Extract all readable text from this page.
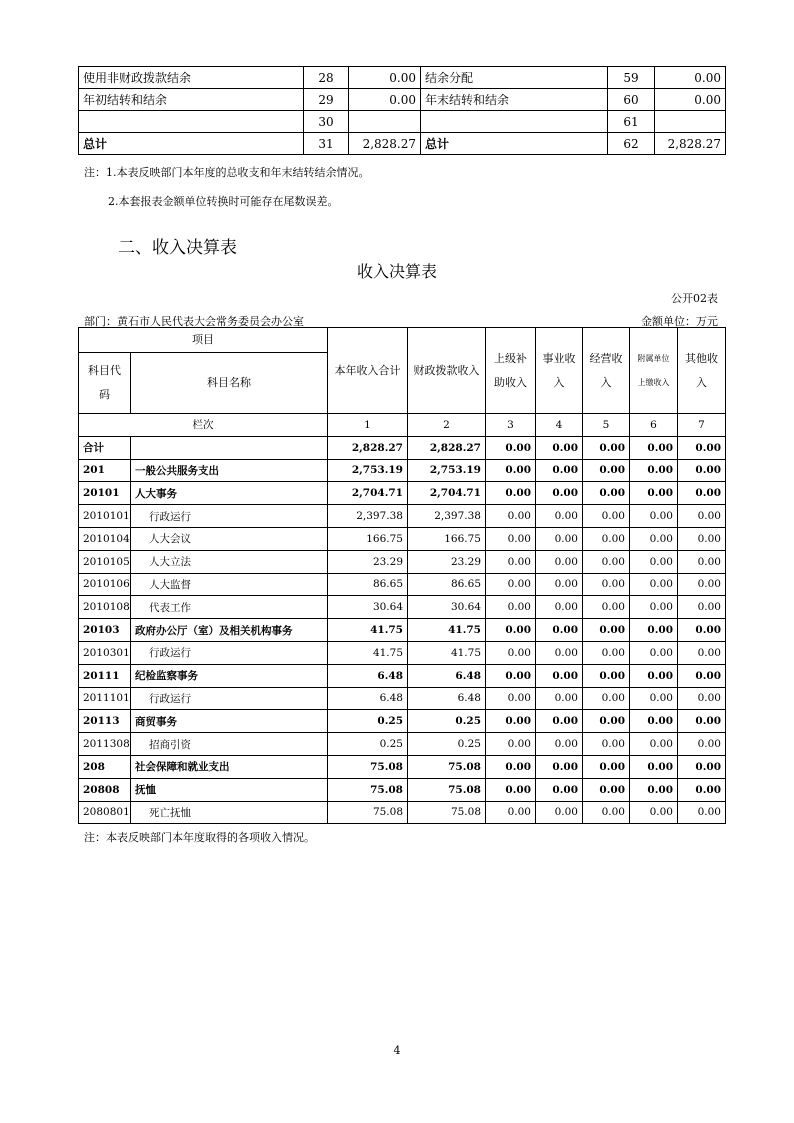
使用非财政拨款结余	28	0.00	结余分配	59	0.00
年初结转和结余	29	0.00	年末结转和结余	60	0.00
	30			61	
总计	31	2,828.27	总计	62	2,828.27
注：1.本表反映部门本年度的总收支和年末结转结余情况。
2.本套报表金额单位转换时可能存在尾数误差。
二、收入决算表
收入决算表
公开02表
部门：黄石市人民代表大会常务委员会办公室	金额单位：万元
项目		本年收入合计	财政拨款收入	上级补助收入	事业收入	经营收入	附属单位上缴收入	其他收入
科目代码	科目名称							
栏次		1	2	3	4	5	6	7
合计		2,828.27	2,828.27	0.00	0.00	0.00	0.00	0.00
201	一般公共服务支出	2,753.19	2,753.19	0.00	0.00	0.00	0.00	0.00
20101	人大事务	2,704.71	2,704.71	0.00	0.00	0.00	0.00	0.00
2010101	行政运行	2,397.38	2,397.38	0.00	0.00	0.00	0.00	0.00
2010104	人大会议	166.75	166.75	0.00	0.00	0.00	0.00	0.00
2010105	人大立法	23.29	23.29	0.00	0.00	0.00	0.00	0.00
2010106	人大监督	86.65	86.65	0.00	0.00	0.00	0.00	0.00
2010108	代表工作	30.64	30.64	0.00	0.00	0.00	0.00	0.00
20103	政府办公厅（室）及相关机构事务	41.75	41.75	0.00	0.00	0.00	0.00	0.00
2010301	行政运行	41.75	41.75	0.00	0.00	0.00	0.00	0.00
20111	纪检监察事务	6.48	6.48	0.00	0.00	0.00	0.00	0.00
2011101	行政运行	6.48	6.48	0.00	0.00	0.00	0.00	0.00
20113	商贸事务	0.25	0.25	0.00	0.00	0.00	0.00	0.00
2011308	招商引资	0.25	0.25	0.00	0.00	0.00	0.00	0.00
208	社会保障和就业支出	75.08	75.08	0.00	0.00	0.00	0.00	0.00
20808	抚恤	75.08	75.08	0.00	0.00	0.00	0.00	0.00
2080801	死亡抚恤	75.08	75.08	0.00	0.00	0.00	0.00	0.00
注：本表反映部门本年度取得的各项收入情况。
4
